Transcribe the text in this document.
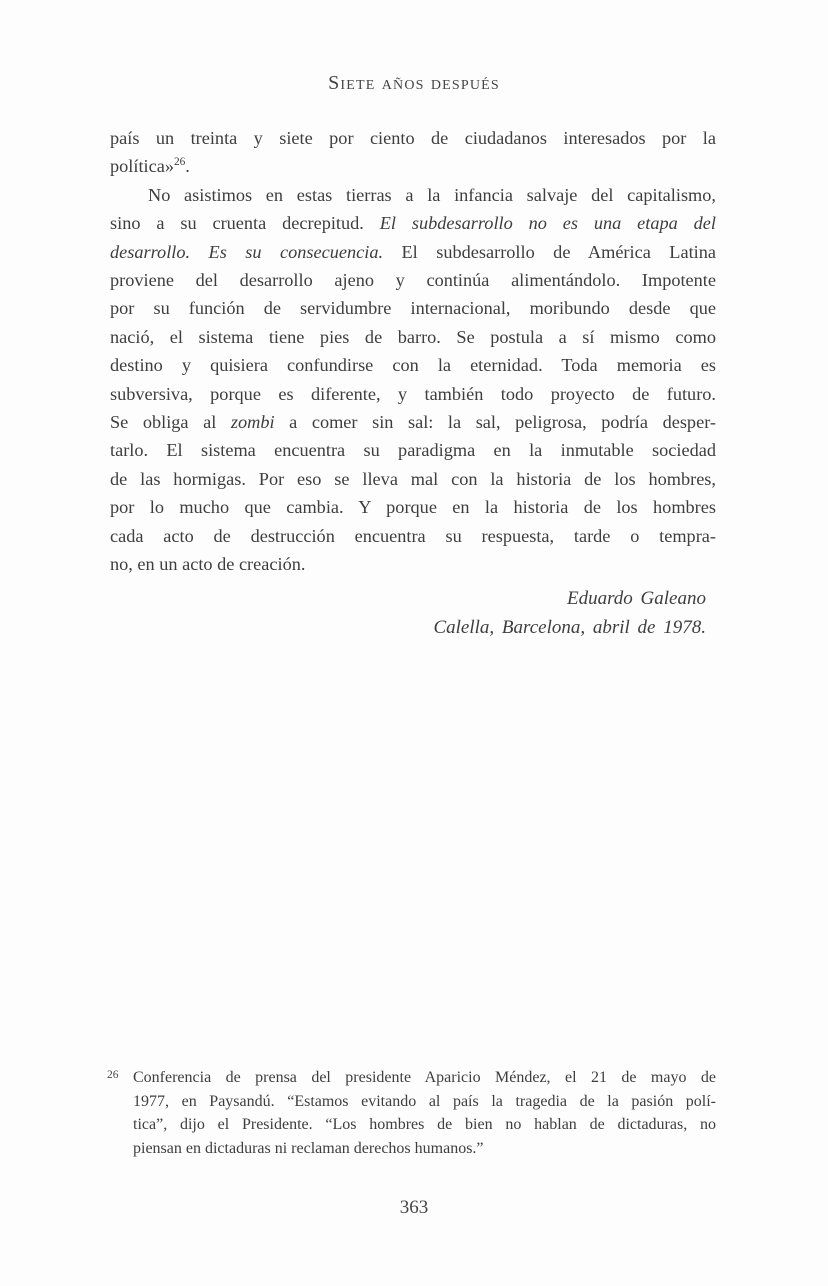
Siete años después
país un treinta y siete por ciento de ciudadanos interesados por la
política»$^{26}$.
No asistimos en estas tierras a la infancia salvaje del capitalismo,
sino a su cruenta decrepitud. El subdesarrollo no es una etapa del
desarrollo. Es su consecuencia. El subdesarrollo de América Latina
proviene del desarrollo ajeno y continúa alimentándolo. Impotente
por su función de servidumbre internacional, moribundo desde que
nació, el sistema tiene pies de barro. Se postula a sí mismo como
destino y quisiera confundirse con la eternidad. Toda memoria es
subversiva, porque es diferente, y también todo proyecto de futuro.
Se obliga al zombi a comer sin sal: la sal, peligrosa, podría desper-
tarlo. El sistema encuentra su paradigma en la inmutable sociedad
de las hormigas. Por eso se lleva mal con la historia de los hombres,
por lo mucho que cambia. Y porque en la historia de los hombres
cada acto de destrucción encuentra su respuesta, tarde o tempra-
no, en un acto de creación.
Eduardo Galeano
Calella, Barcelona, abril de 1978.
26 Conferencia de prensa del presidente Aparicio Méndez, el 21 de mayo de
1977, en Paysandú. “Estamos evitando al país la tragedia de la pasión polí-
tica”, dijo el Presidente. “Los hombres de bien no hablan de dictaduras, no
piensan en dictaduras ni reclaman derechos humanos.”
363
